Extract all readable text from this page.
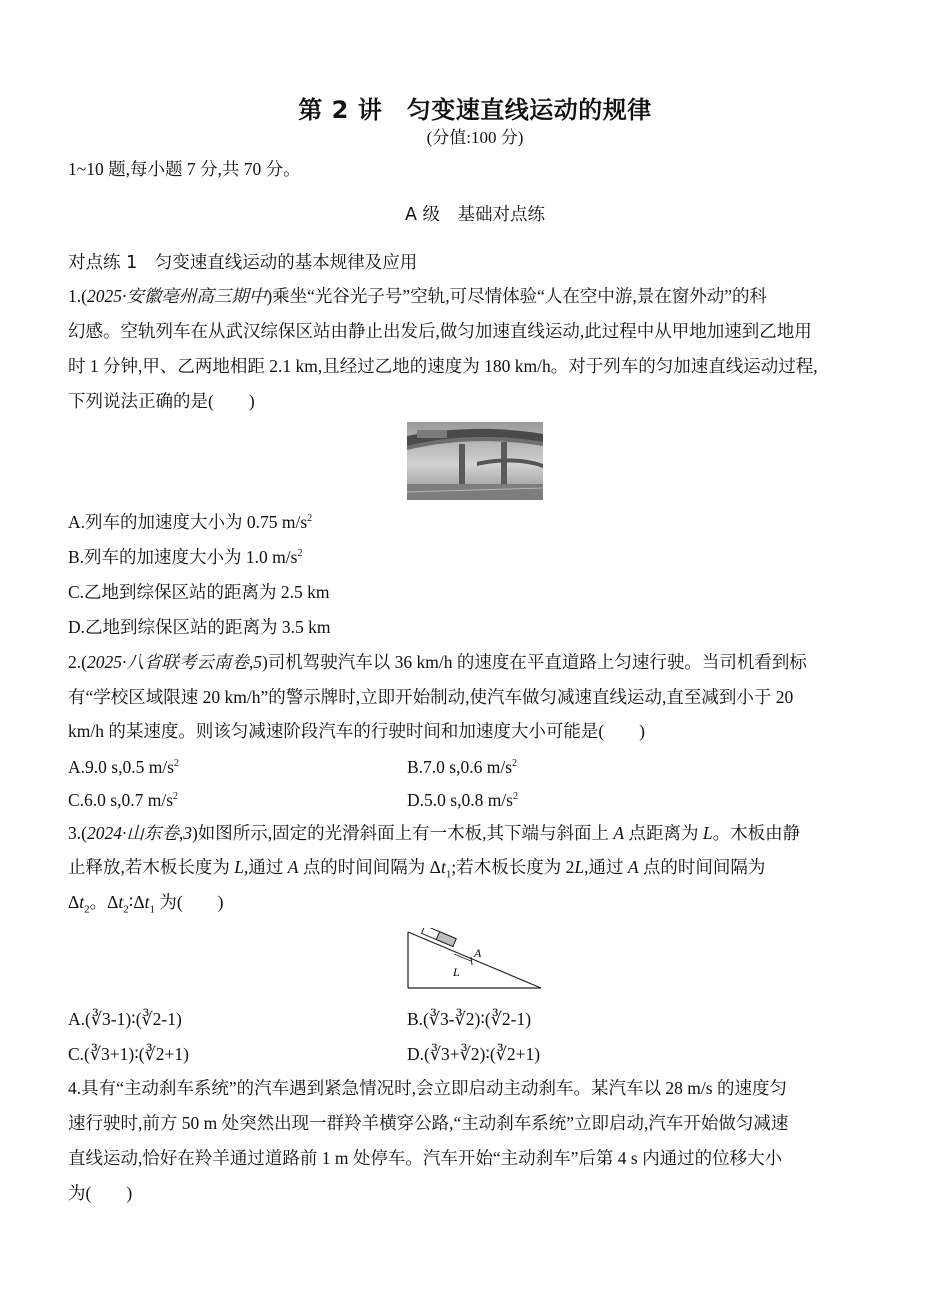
第 2 讲　匀变速直线运动的规律
(分值:100 分)
1~10 题,每小题 7 分,共 70 分。
A 级　基础对点练
对点练 1　匀变速直线运动的基本规律及应用
1.(2025·安徽亳州高三期中)乘坐“光谷光子号”空轨,可尽情体验“人在空中游,景在窗外动”的科
幻感。空轨列车在从武汉综保区站由静止出发后,做匀加速直线运动,此过程中从甲地加速到乙地用
时 1 分钟,甲、乙两地相距 2.1 km,且经过乙地的速度为 180 km/h。对于列车的匀加速直线运动过程,
下列说法正确的是(　　)
A.列车的加速度大小为 0.75 $m/s^2$
B.列车的加速度大小为 1.0 $m/s^2$
C.乙地到综保区站的距离为 2.5 km
D.乙地到综保区站的距离为 3.5 km
2.(2025·八省联考云南卷,5)司机驾驶汽车以 36 km/h 的速度在平直道路上匀速行驶。当司机看到标
有“学校区域限速 20 km/h”的警示牌时,立即开始制动,使汽车做匀减速直线运动,直至减到小于 20
km/h 的某速度。则该匀减速阶段汽车的行驶时间和加速度大小可能是(　　)
A.9.0 s,0.5 $m/s^2$	B.7.0 s,0.6 $m/s^2$
C.6.0 s,0.7 $m/s^2$	D.5.0 s,0.8 $m/s^2$
3.(2024·山东卷,3)如图所示,固定的光滑斜面上有一木板,其下端与斜面上 A 点距离为 L。木板由静
止释放,若木板长度为 L,通过 A 点的时间间隔为 $\Delta t_1$;若木板长度为 2L,通过 A 点的时间间隔为
$\Delta t_2$。$\Delta t_2∶\Delta t_1$ 为(　　)
A
L
A.(∛3-1)∶(∛2-1)	B.(∛3-∛2)∶(∛2-1)
C.(∛3+1)∶(∛2+1)	D.(∛3+∛2)∶(∛2+1)
4.具有“主动刹车系统”的汽车遇到紧急情况时,会立即启动主动刹车。某汽车以 28 m/s 的速度匀
速行驶时,前方 50 m 处突然出现一群羚羊横穿公路,“主动刹车系统”立即启动,汽车开始做匀减速
直线运动,恰好在羚羊通过道路前 1 m 处停车。汽车开始“主动刹车”后第 4 s 内通过的位移大小
为(　　)
